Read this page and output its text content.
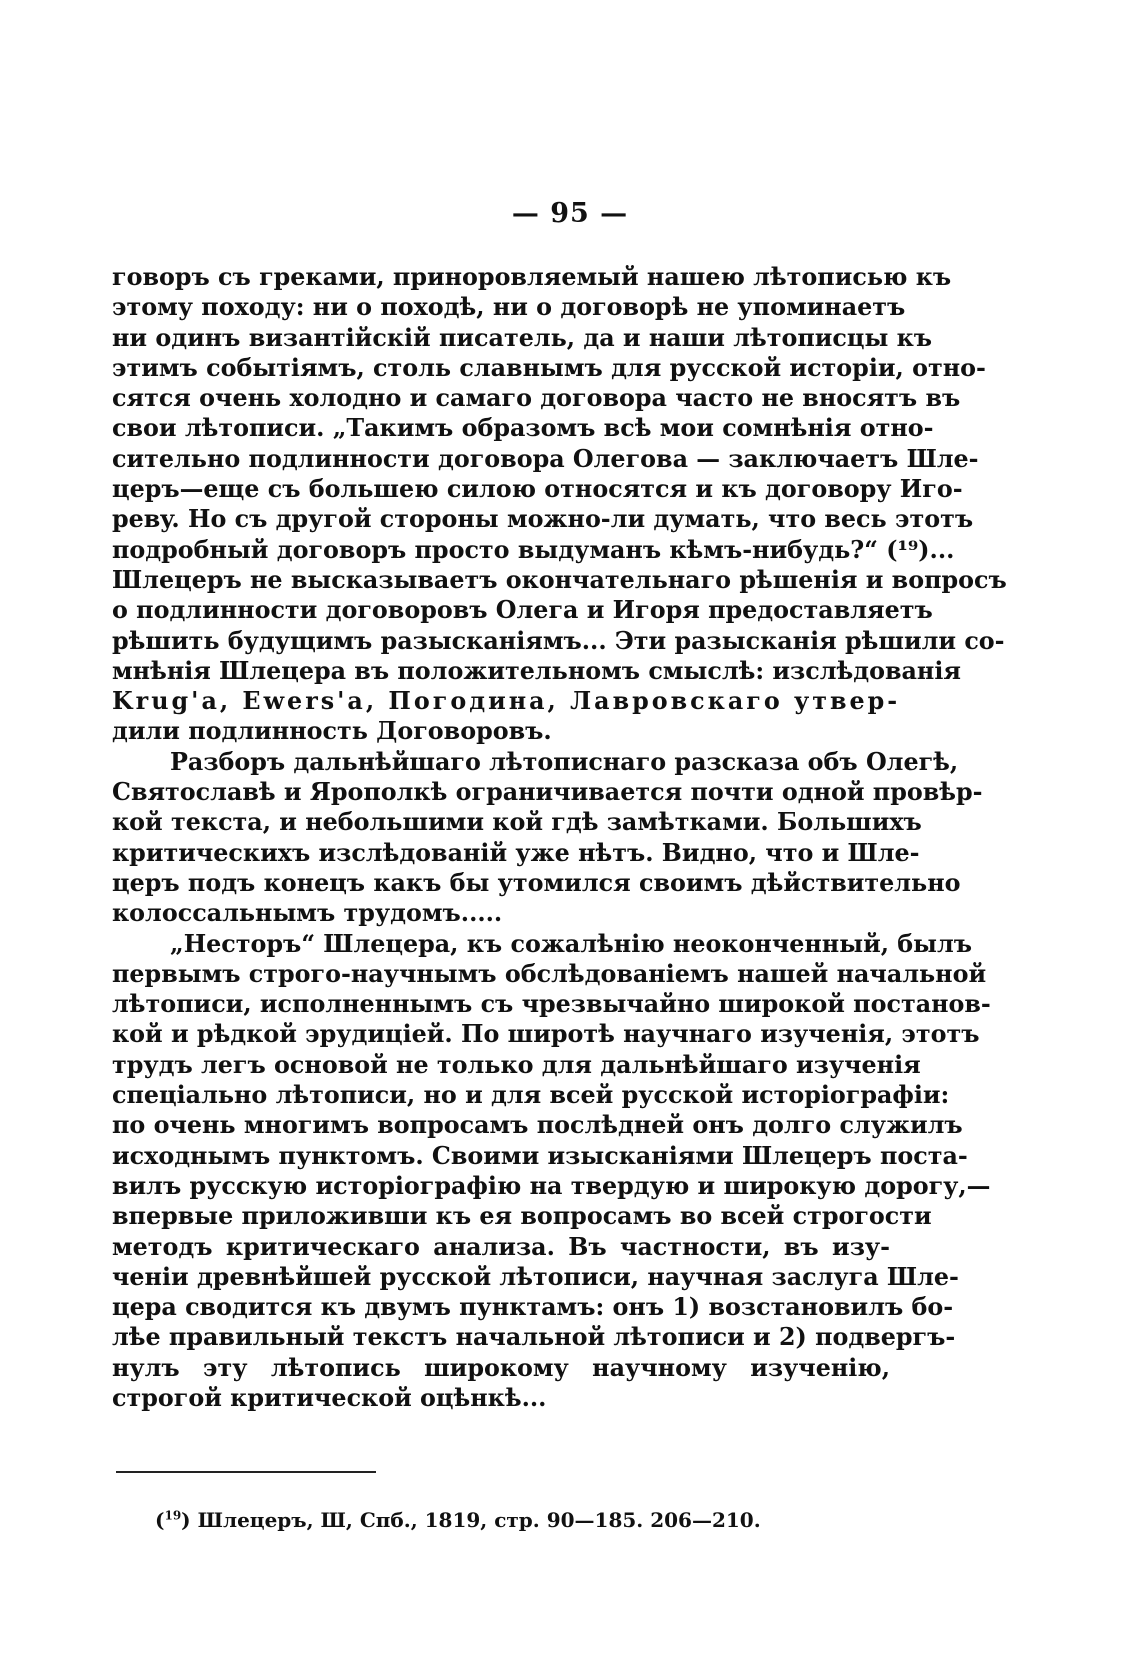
— 95 —
говоръ съ греками, приноровляемый нашею лѣтописью къ
этому походу: ни о походѣ, ни о договорѣ не упоминаетъ
ни одинъ византійскій писатель, да и наши лѣтописцы къ
этимъ событіямъ, столь славнымъ для русской исторіи, отно-
сятся очень холодно и самаго договора часто не вносятъ въ
свои лѣтописи. „Такимъ образомъ всѣ мои сомнѣнія отно-
сительно подлинности договора Олегова — заключаетъ Шле-
церъ—еще съ большею силою относятся и къ договору Иго-
ревy. Но съ другой стороны можно-ли думать, что весь этотъ
подробный договоръ просто выдуманъ кѣмъ-нибудь?“ (¹⁹)...
Шлецеръ не высказываетъ окончательнаго рѣшенія и вопросъ
о подлинности договоровъ Олега и Игоря предоставляетъ
рѣшить будущимъ разысканіямъ... Эти разысканія рѣшили со-
мнѣнія Шлецера въ положительномъ смыслѣ: изслѣдованія
Krug'a, Ewers'a, Погодина, Лавровскаго утвер-
дили подлинность Договоровъ.
Разборъ дальнѣйшаго лѣтописнаго разсказа объ Олегѣ,
Святославѣ и Ярополкѣ ограничивается почти одной провѣр-
кой текста, и небольшими кой гдѣ замѣтками. Большихъ
критическихъ изслѣдованій уже нѣтъ. Видно, что и Шле-
церъ подъ конецъ какъ бы утомился своимъ дѣйствительно
колоссальнымъ трудомъ.....
„Несторъ“ Шлецера, къ сожалѣнію неоконченный, былъ
первымъ строго-научнымъ обслѣдованіемъ нашей начальной
лѣтописи, исполненнымъ съ чрезвычайно широкой постанов-
кой и рѣдкой эрудиціей. По широтѣ научнаго изученія, этотъ
трудъ легъ основой не только для дальнѣйшаго изученія
спеціально лѣтописи, но и для всей русской исторіографіи:
по очень многимъ вопросамъ послѣдней онъ долго служилъ
исходнымъ пунктомъ. Своими изысканіями Шлецеръ поста-
вилъ русскую исторіографію на твердую и широкую дорогу,—
впервые приложивши къ ея вопросамъ во всей строгости
методъ критическаго анализа. Въ частности, въ изу-
ченіи древнѣйшей русской лѣтописи, научная заслуга Шле-
цера сводится къ двумъ пунктамъ: онъ 1) возстановилъ бо-
лѣе правильный текстъ начальной лѣтописи и 2) подвергъ-
нулъ эту лѣтопись широкому научному изученію,
строгой критической оцѣнкѣ...
($^{19}$) Шлецеръ, Ш, Спб., 1819, стр. 90—185. 206—210.
